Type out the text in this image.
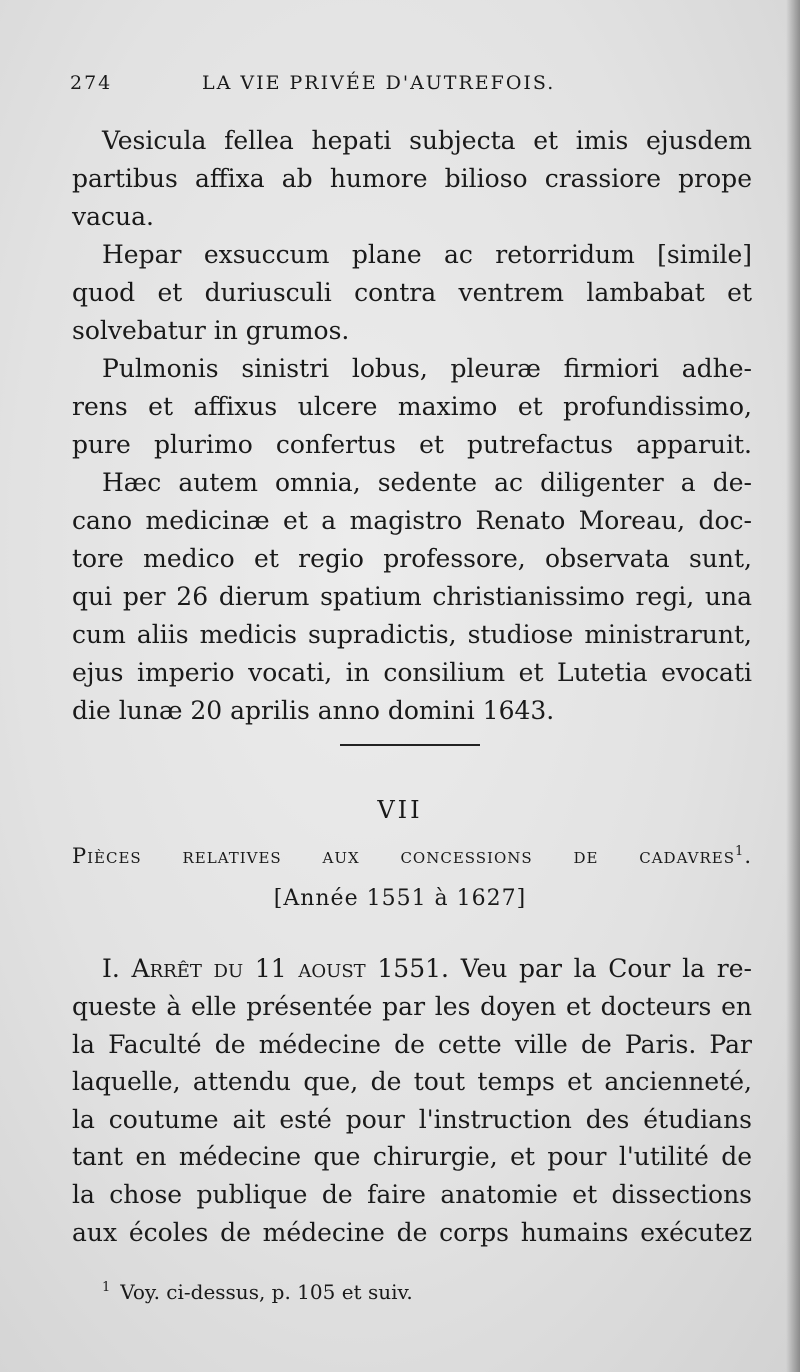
274	LA VIE PRIVÉE D'AUTREFOIS.
Vesicula fellea hepati subjecta et imis ejusdem
partibus affixa ab humore bilioso crassiore prope
vacua.
Hepar exsuccum plane ac retorridum [simile]
quod et duriusculi contra ventrem lambabat et
solvebatur in grumos.
Pulmonis sinistri lobus, pleuræ firmiori adhe-
rens et affixus ulcere maximo et profundissimo,
pure plurimo confertus et putrefactus apparuit.
Hæc autem omnia, sedente ac diligenter a de-
cano medicinæ et a magistro Renato Moreau, doc-
tore medico et regio professore, observata sunt,
qui per 26 dierum spatium christianissimo regi, una
cum aliis medicis supradictis, studiose ministrarunt,
ejus imperio vocati, in consilium et Lutetia evocati
die lunæ 20 aprilis anno domini 1643.
VII
Pièces relatives aux concessions de cadavres$^1$.
[Année 1551 à 1627]
I. Arrêt du 11 aoust 1551. Veu par la Cour la re-
queste à elle présentée par les doyen et docteurs en
la Faculté de médecine de cette ville de Paris. Par
laquelle, attendu que, de tout temps et ancienneté,
la coutume ait esté pour l'instruction des étudians
tant en médecine que chirurgie, et pour l'utilité de
la chose publique de faire anatomie et dissections
aux écoles de médecine de corps humains exécutez
$^1$ Voy. ci-dessus, p. 105 et suiv.
